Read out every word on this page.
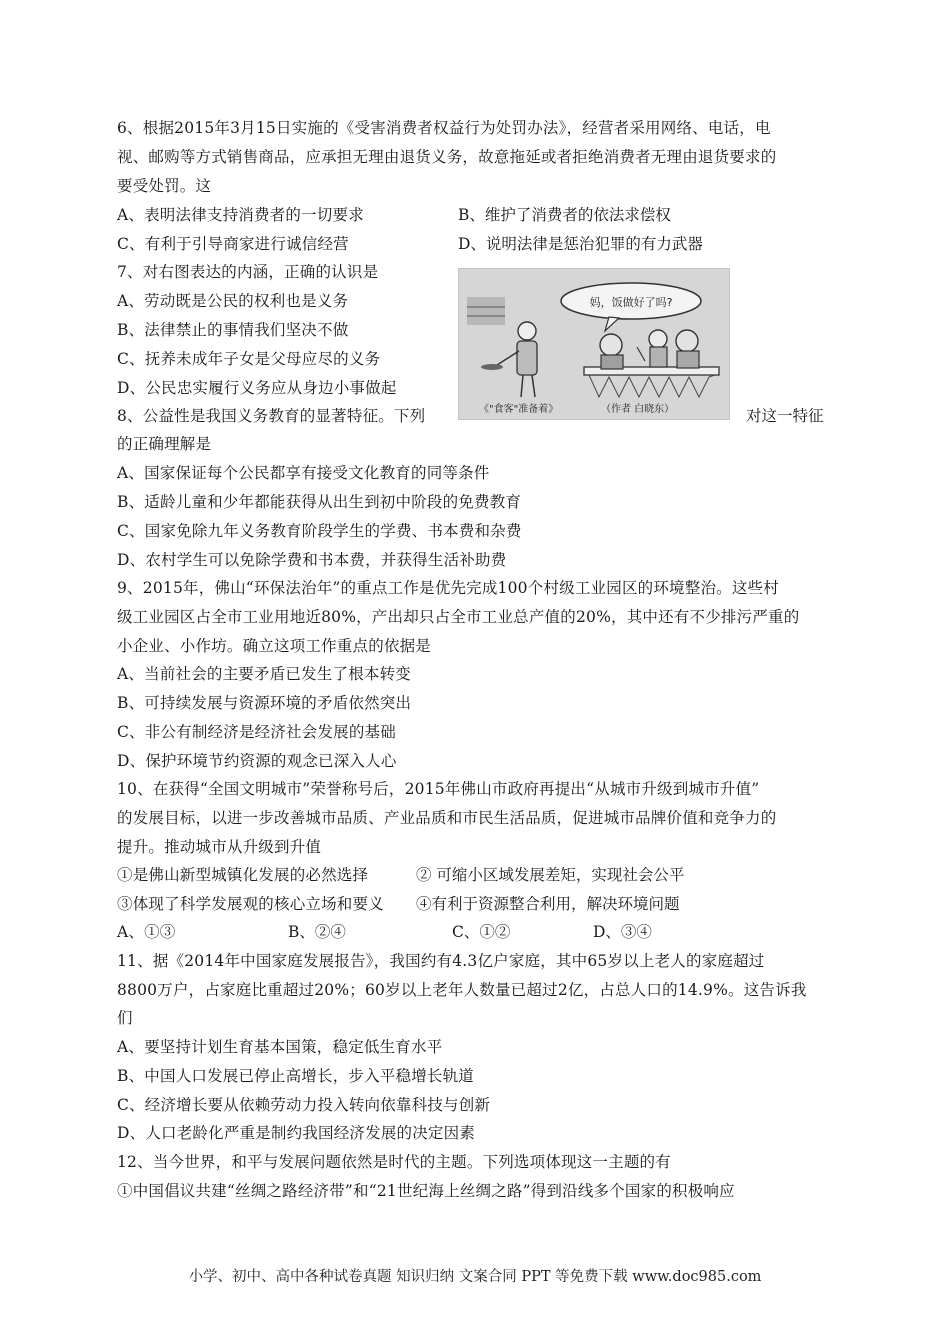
6、根据2015年3月15日实施的《受害消费者权益行为处罚办法》，经营者采用网络、电话，电
视、邮购等方式销售商品，应承担无理由退货义务，故意拖延或者拒绝消费者无理由退货要求的
要受处罚。这
A、表明法律支持消费者的一切要求	B、维护了消费者的依法求偿权
C、有利于引导商家进行诚信经营	D、说明法律是惩治犯罪的有力武器
7、对右图表达的内涵，正确的认识是
A、劳动既是公民的权利也是义务
B、法律禁止的事情我们坚决不做
C、抚养未成年子女是父母应尽的义务
D、公民忠实履行义务应从身边小事做起
妈，饭做好了吗?
《"食客"准备着》	（作者 白晓东）
8、公益性是我国义务教育的显著特征。下列	对这一特征
的正确理解是
A、国家保证每个公民都享有接受文化教育的同等条件
B、适龄儿童和少年都能获得从出生到初中阶段的免费教育
C、国家免除九年义务教育阶段学生的学费、书本费和杂费
D、农村学生可以免除学费和书本费，并获得生活补助费
9、2015年，佛山“环保法治年”的重点工作是优先完成100个村级工业园区的环境整治。这些村
级工业园区占全市工业用地近80%，产出却只占全市工业总产值的20%，其中还有不少排污严重的
小企业、小作坊。确立这项工作重点的依据是
A、当前社会的主要矛盾已发生了根本转变
B、可持续发展与资源环境的矛盾依然突出
C、非公有制经济是经济社会发展的基础
D、保护环境节约资源的观念已深入人心
10、在获得“全国文明城市”荣誉称号后，2015年佛山市政府再提出“从城市升级到城市升值”
的发展目标，以进一步改善城市品质、产业品质和市民生活品质，促进城市品牌价值和竞争力的
提升。推动城市从升级到升值
①是佛山新型城镇化发展的必然选择	② 可缩小区域发展差矩，实现社会公平
③体现了科学发展观的核心立场和要义 ④有利于资源整合利用，解决环境问题
A、①③	B、②④	C、①②	D、③④
11、据《2014年中国家庭发展报告》，我国约有4.3亿户家庭，其中65岁以上老人的家庭超过
8800万户，占家庭比重超过20%；60岁以上老年人数量已超过2亿，占总人口的14.9%。这告诉我
们
A、要坚持计划生育基本国策，稳定低生育水平
B、中国人口发展已停止高增长，步入平稳增长轨道
C、经济增长要从依赖劳动力投入转向依靠科技与创新
D、人口老龄化严重是制约我国经济发展的决定因素
12、当今世界，和平与发展问题依然是时代的主题。下列选项体现这一主题的有
①中国倡议共建“丝绸之路经济带”和“21世纪海上丝绸之路”得到沿线多个国家的积极响应
小学、初中、高中各种试卷真题 知识归纳 文案合同 PPT 等免费下载 www.doc985.com
